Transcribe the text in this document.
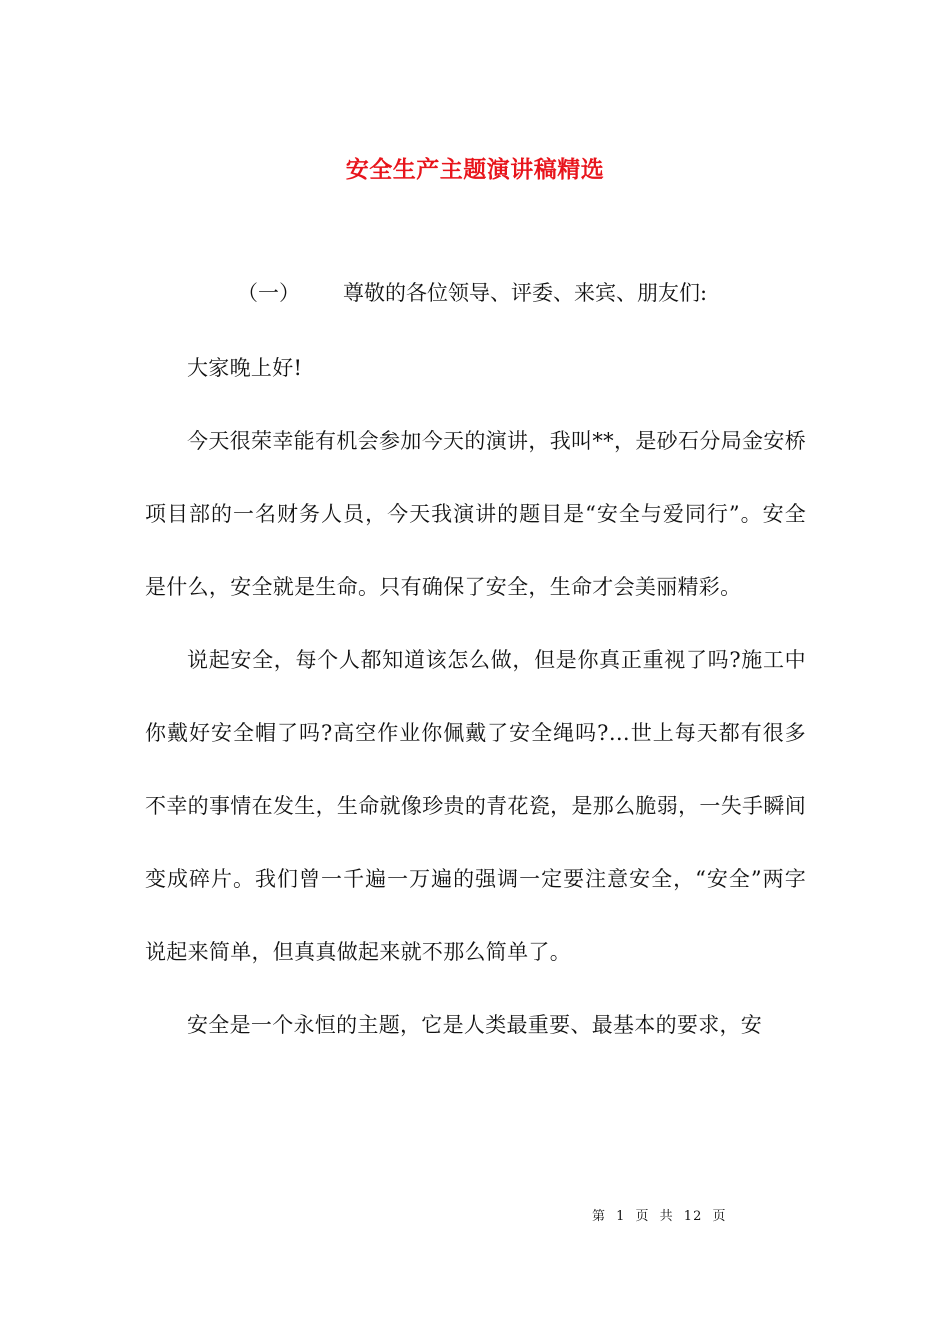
安全生产主题演讲稿精选
（一） 尊敬的各位领导、评委、来宾、朋友们:

大家晚上好!

今天很荣幸能有机会参加今天的演讲，我叫**，是砂石分局金安桥项目部的一名财务人员，今天我演讲的题目是“安全与爱同行”。安全是什么，安全就是生命。只有确保了安全，生命才会美丽精彩。

说起安全，每个人都知道该怎么做，但是你真正重视了吗?施工中你戴好安全帽了吗?高空作业你佩戴了安全绳吗?…世上每天都有很多不幸的事情在发生，生命就像珍贵的青花瓷，是那么脆弱，一失手瞬间变成碎片。我们曾一千遍一万遍的强调一定要注意安全，“安全”两字说起来简单，但真真做起来就不那么简单了。

安全是一个永恒的主题，它是人类最重要、最基本的要求，安

第 1 页 共 12 页
